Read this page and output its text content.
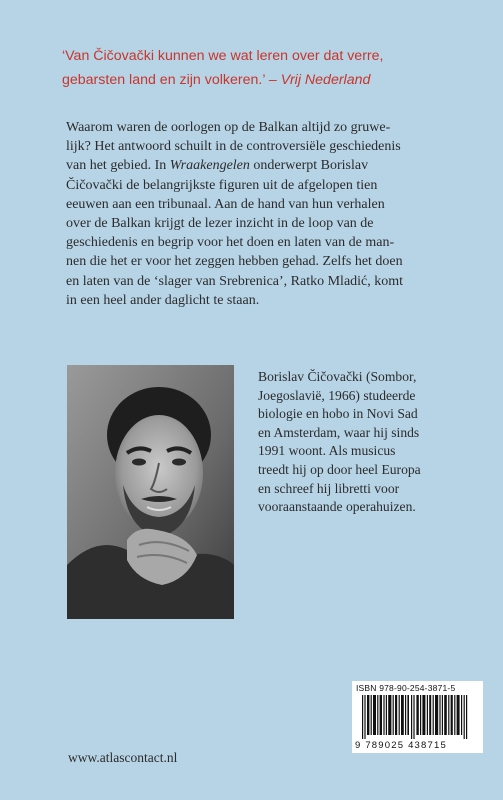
‘Van Čičovački kunnen we wat leren over dat verre,
gebarsten land en zijn volkeren.’ – Vrij Nederland
Waarom waren de oorlogen op de Balkan altijd zo gruwe-
lijk? Het antwoord schuilt in de controversiële geschiedenis
van het gebied. In Wraakengelen onderwerpt Borislav
Čičovački de belangrijkste figuren uit de afgelopen tien
eeuwen aan een tribunaal. Aan de hand van hun verhalen
over de Balkan krijgt de lezer inzicht in de loop van de
geschiedenis en begrip voor het doen en laten van de man-
nen die het er voor het zeggen hebben gehad. Zelfs het doen
en laten van de ‘slager van Srebrenica’, Ratko Mladić, komt
in een heel ander daglicht te staan.
Borislav Čičovački (Sombor,
Joegoslavië, 1966) studeerde
biologie en hobo in Novi Sad
en Amsterdam, waar hij sinds
1991 woont. Als musicus
treedt hij op door heel Europa
en schreef hij libretti voor
vooraanstaande operahuizen.
ISBN 978-90-254-3871-5
9 789025 438715
www.atlascontact.nl
